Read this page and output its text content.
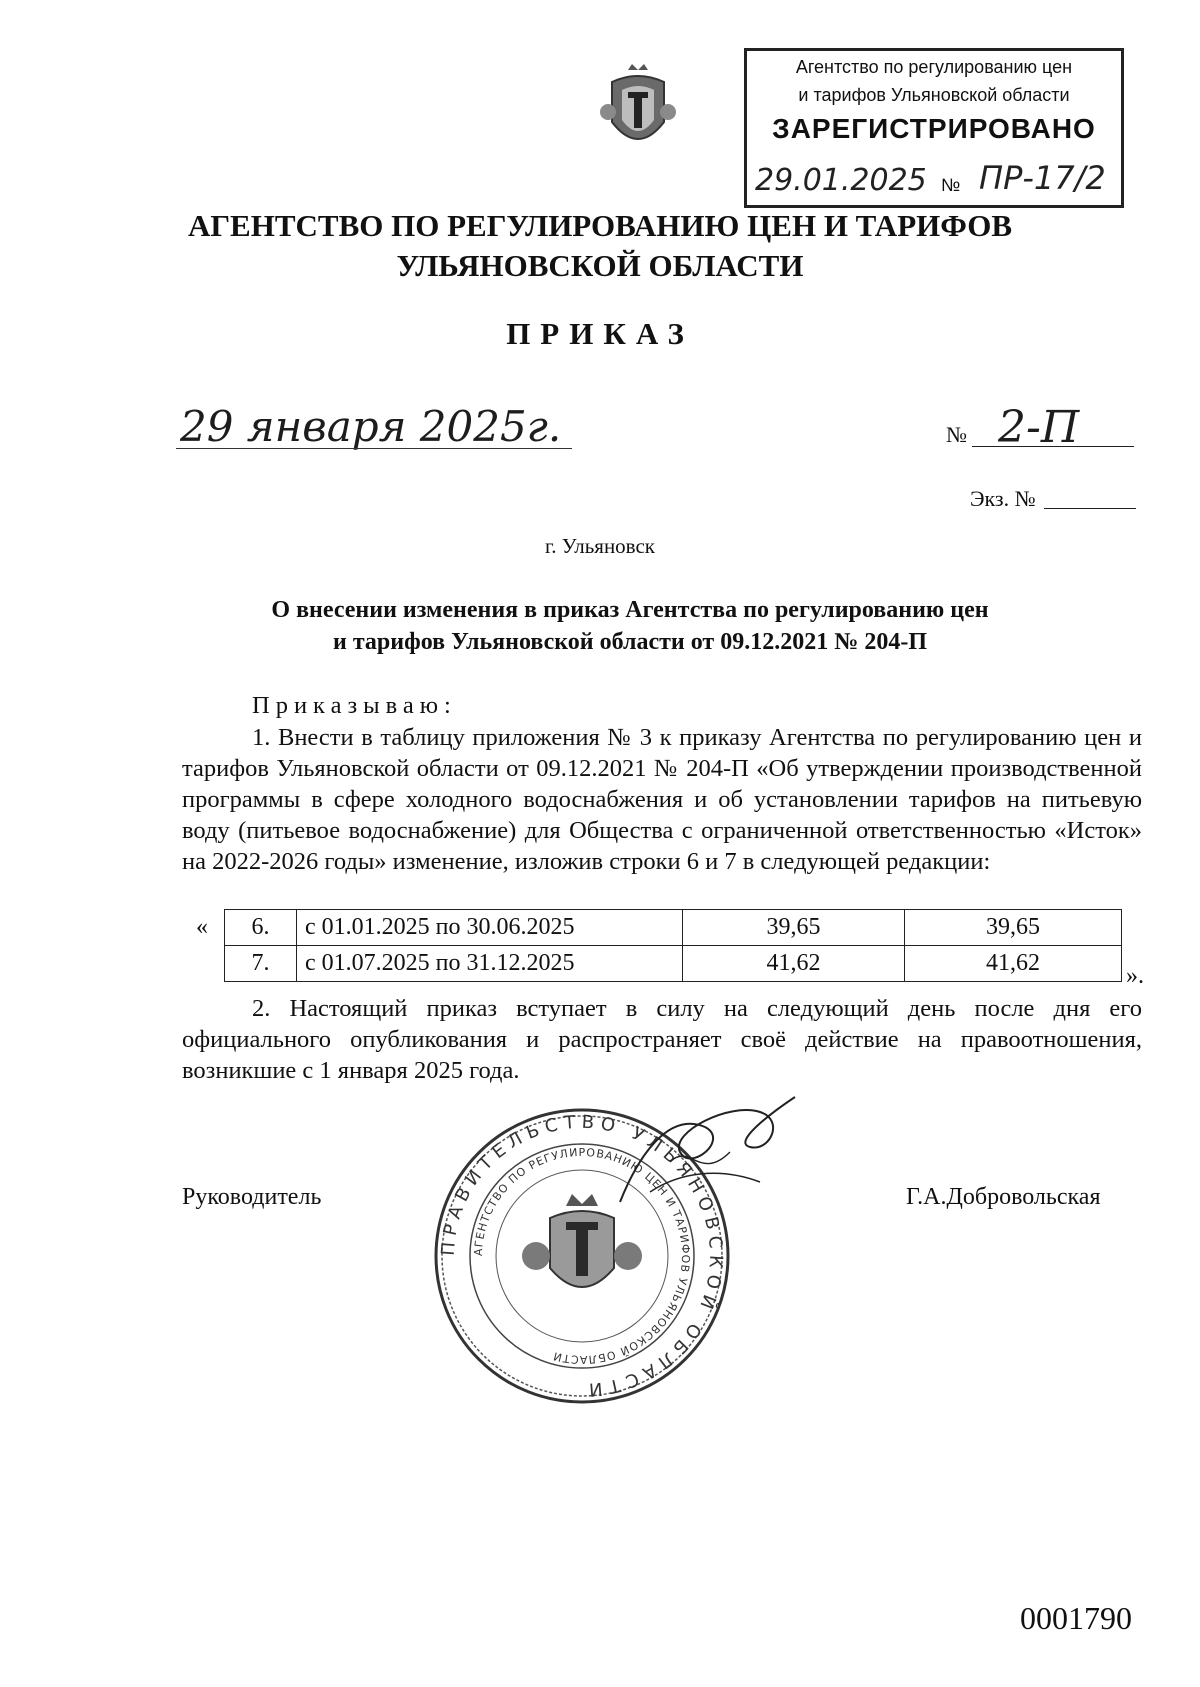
Агентство по регулированию цен
и тарифов Ульяновской области
ЗАРЕГИСТРИРОВАНО
29.01.2025 № ПР-17/2
АГЕНТСТВО ПО РЕГУЛИРОВАНИЮ ЦЕН И ТАРИФОВ
УЛЬЯНОВСКОЙ ОБЛАСТИ
ПРИКАЗ
29 января 2025г.	№ 2-П
Экз. №
г. Ульяновск
О внесении изменения в приказ Агентства по регулированию цен
и тарифов Ульяновской области от 09.12.2021 № 204-П
Приказываю:
1. Внести в таблицу приложения № 3 к приказу Агентства по регулированию цен и тарифов Ульяновской области от 09.12.2021 № 204-П «Об утверждении производственной программы в сфере холодного водоснабжения и об установлении тарифов на питьевую воду (питьевое водоснабжение) для Общества с ограниченной ответственностью «Исток» на 2022-2026 годы» изменение, изложив строки 6 и 7 в следующей редакции:
« 6.	с 01.01.2025 по 30.06.2025	39,65	39,65
7.	с 01.07.2025 по 31.12.2025	41,62	41,62	».
2. Настоящий приказ вступает в силу на следующий день после дня его официального опубликования и распространяет своё действие на правоотношения, возникшие с 1 января 2025 года.
Руководитель	Г.А.Добровольская
ПРАВИТЕЛЬСТВО УЛЬЯНОВСКОЙ ОБЛАСТИ
АГЕНТСТВО ПО РЕГУЛИРОВАНИЮ ЦЕН И ТАРИФОВ УЛЬЯНОВСКОЙ ОБЛАСТИ
0001790
